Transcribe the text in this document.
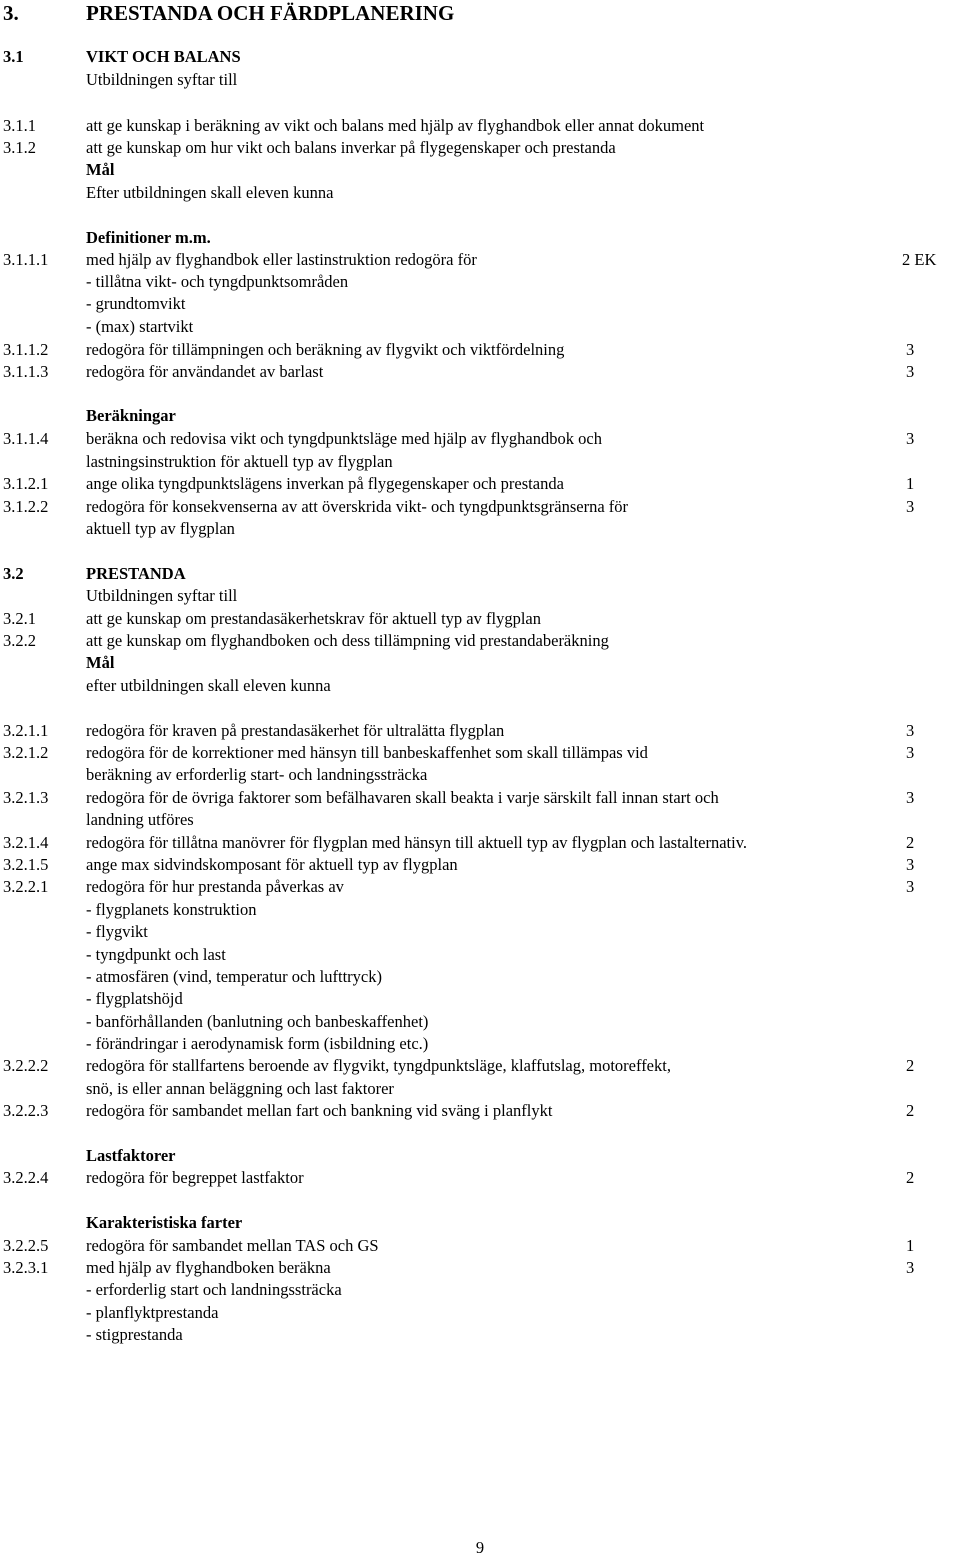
3.	PRESTANDA OCH FÄRDPLANERING
3.1	VIKT OCH BALANS
Utbildningen syftar till
3.1.1	att ge kunskap i beräkning av vikt och balans med hjälp av flyghandbok eller annat dokument
3.1.2	att ge kunskap om hur vikt och balans inverkar på flygegenskaper och prestanda
Mål
Efter utbildningen skall eleven kunna
Definitioner m.m.
3.1.1.1 med hjälp av flyghandbok eller lastinstruktion redogöra för	2 EK
- tillåtna vikt- och tyngdpunktsområden
- grundtomvikt
- (max) startvikt
3.1.1.2 redogöra för tillämpningen och beräkning av flygvikt och viktfördelning	3
3.1.1.3 redogöra för användandet av barlast	3
Beräkningar
3.1.1.4 beräkna och redovisa vikt och tyngdpunktsläge med hjälp av flyghandbok och	3
lastningsinstruktion för aktuell typ av flygplan
3.1.2.1 ange olika tyngdpunktslägens inverkan på flygegenskaper och prestanda	1
3.1.2.2 redogöra för konsekvenserna av att överskrida vikt- och tyngdpunktsgränserna för	3
aktuell typ av flygplan
3.2	PRESTANDA
Utbildningen syftar till
3.2.1	att ge kunskap om prestandasäkerhetskrav för aktuell typ av flygplan
3.2.2	att ge kunskap om flyghandboken och dess tillämpning vid prestandaberäkning
Mål
efter utbildningen skall eleven kunna
3.2.1.1 redogöra för kraven på prestandasäkerhet för ultralätta flygplan	3
3.2.1.2 redogöra för de korrektioner med hänsyn till banbeskaffenhet som skall tillämpas vid	3
beräkning av erforderlig start- och landningssträcka
3.2.1.3 redogöra för de övriga faktorer som befälhavaren skall beakta i varje särskilt fall innan start och	3
landning utföres
3.2.1.4 redogöra för tillåtna manövrer för flygplan med hänsyn till aktuell typ av flygplan och lastalternativ.	2
3.2.1.5 ange max sidvindskomposant för aktuell typ av flygplan	3
3.2.2.1 redogöra för hur prestanda påverkas av	3
- flygplanets konstruktion
- flygvikt
- tyngdpunkt och last
- atmosfären (vind, temperatur och lufttryck)
- flygplatshöjd
- banförhållanden (banlutning och banbeskaffenhet)
- förändringar i aerodynamisk form (isbildning etc.)
3.2.2.2 redogöra för stallfartens beroende av flygvikt, tyngdpunktsläge, klaffutslag, motoreffekt,	2
snö, is eller annan beläggning och last faktorer
3.2.2.3 redogöra för sambandet mellan fart och bankning vid sväng i planflykt	2
Lastfaktorer
3.2.2.4 redogöra för begreppet lastfaktor	2
Karakteristiska farter
3.2.2.5 redogöra för sambandet mellan TAS och GS	1
3.2.3.1 med hjälp av flyghandboken beräkna	3
- erforderlig start och landningssträcka
- planflyktprestanda
- stigprestanda
9
